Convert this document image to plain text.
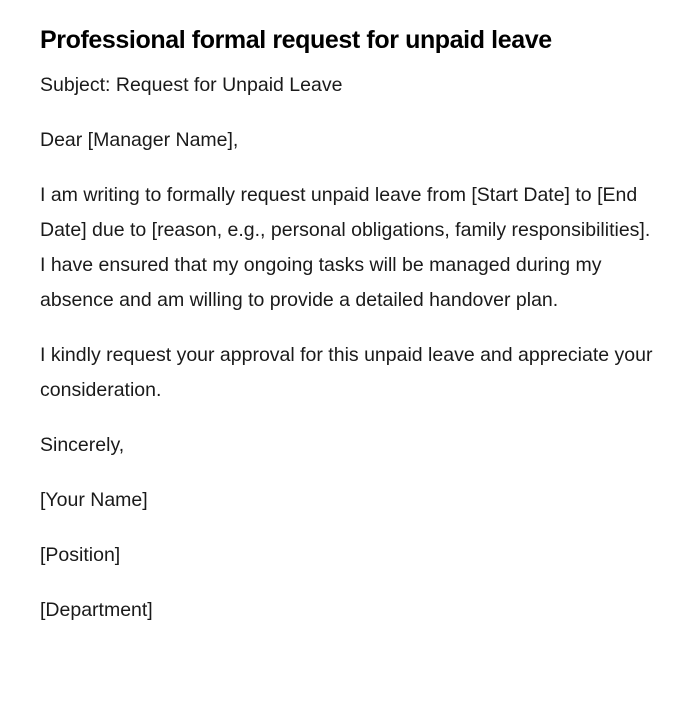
Professional formal request for unpaid leave

Subject: Request for Unpaid Leave

Dear [Manager Name],

I am writing to formally request unpaid leave from [Start Date] to [End Date] due to [reason, e.g., personal obligations, family responsibilities]. I have ensured that my ongoing tasks will be managed during my absence and am willing to provide a detailed handover plan.

I kindly request your approval for this unpaid leave and appreciate your consideration.

Sincerely,

[Your Name]

[Position]

[Department]
